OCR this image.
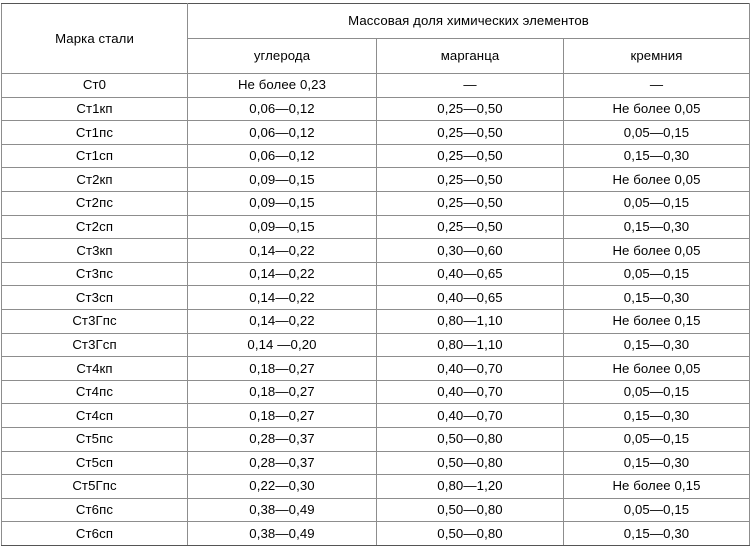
Марка стали	Массовая доля химических элементов		
	углерода	марганца	кремния
Ст0	Не более 0,23	—	—
Ст1кп	0,06—0,12	0,25—0,50	Не более 0,05
Ст1пс	0,06—0,12	0,25—0,50	0,05—0,15
Ст1сп	0,06—0,12	0,25—0,50	0,15—0,30
Ст2кп	0,09—0,15	0,25—0,50	Не более 0,05
Ст2пс	0,09—0,15	0,25—0,50	0,05—0,15
Ст2сп	0,09—0,15	0,25—0,50	0,15—0,30
Ст3кп	0,14—0,22	0,30—0,60	Не более 0,05
Ст3пс	0,14—0,22	0,40—0,65	0,05—0,15
Ст3сп	0,14—0,22	0,40—0,65	0,15—0,30
Ст3Гпс	0,14—0,22	0,80—1,10	Не более 0,15
Ст3Гсп	0,14 —0,20	0,80—1,10	0,15—0,30
Ст4кп	0,18—0,27	0,40—0,70	Не более 0,05
Ст4пс	0,18—0,27	0,40—0,70	0,05—0,15
Ст4сп	0,18—0,27	0,40—0,70	0,15—0,30
Ст5пс	0,28—0,37	0,50—0,80	0,05—0,15
Ст5сп	0,28—0,37	0,50—0,80	0,15—0,30
Ст5Гпс	0,22—0,30	0,80—1,20	Не более 0,15
Ст6пс	0,38—0,49	0,50—0,80	0,05—0,15
Ст6сп	0,38—0,49	0,50—0,80	0,15—0,30
